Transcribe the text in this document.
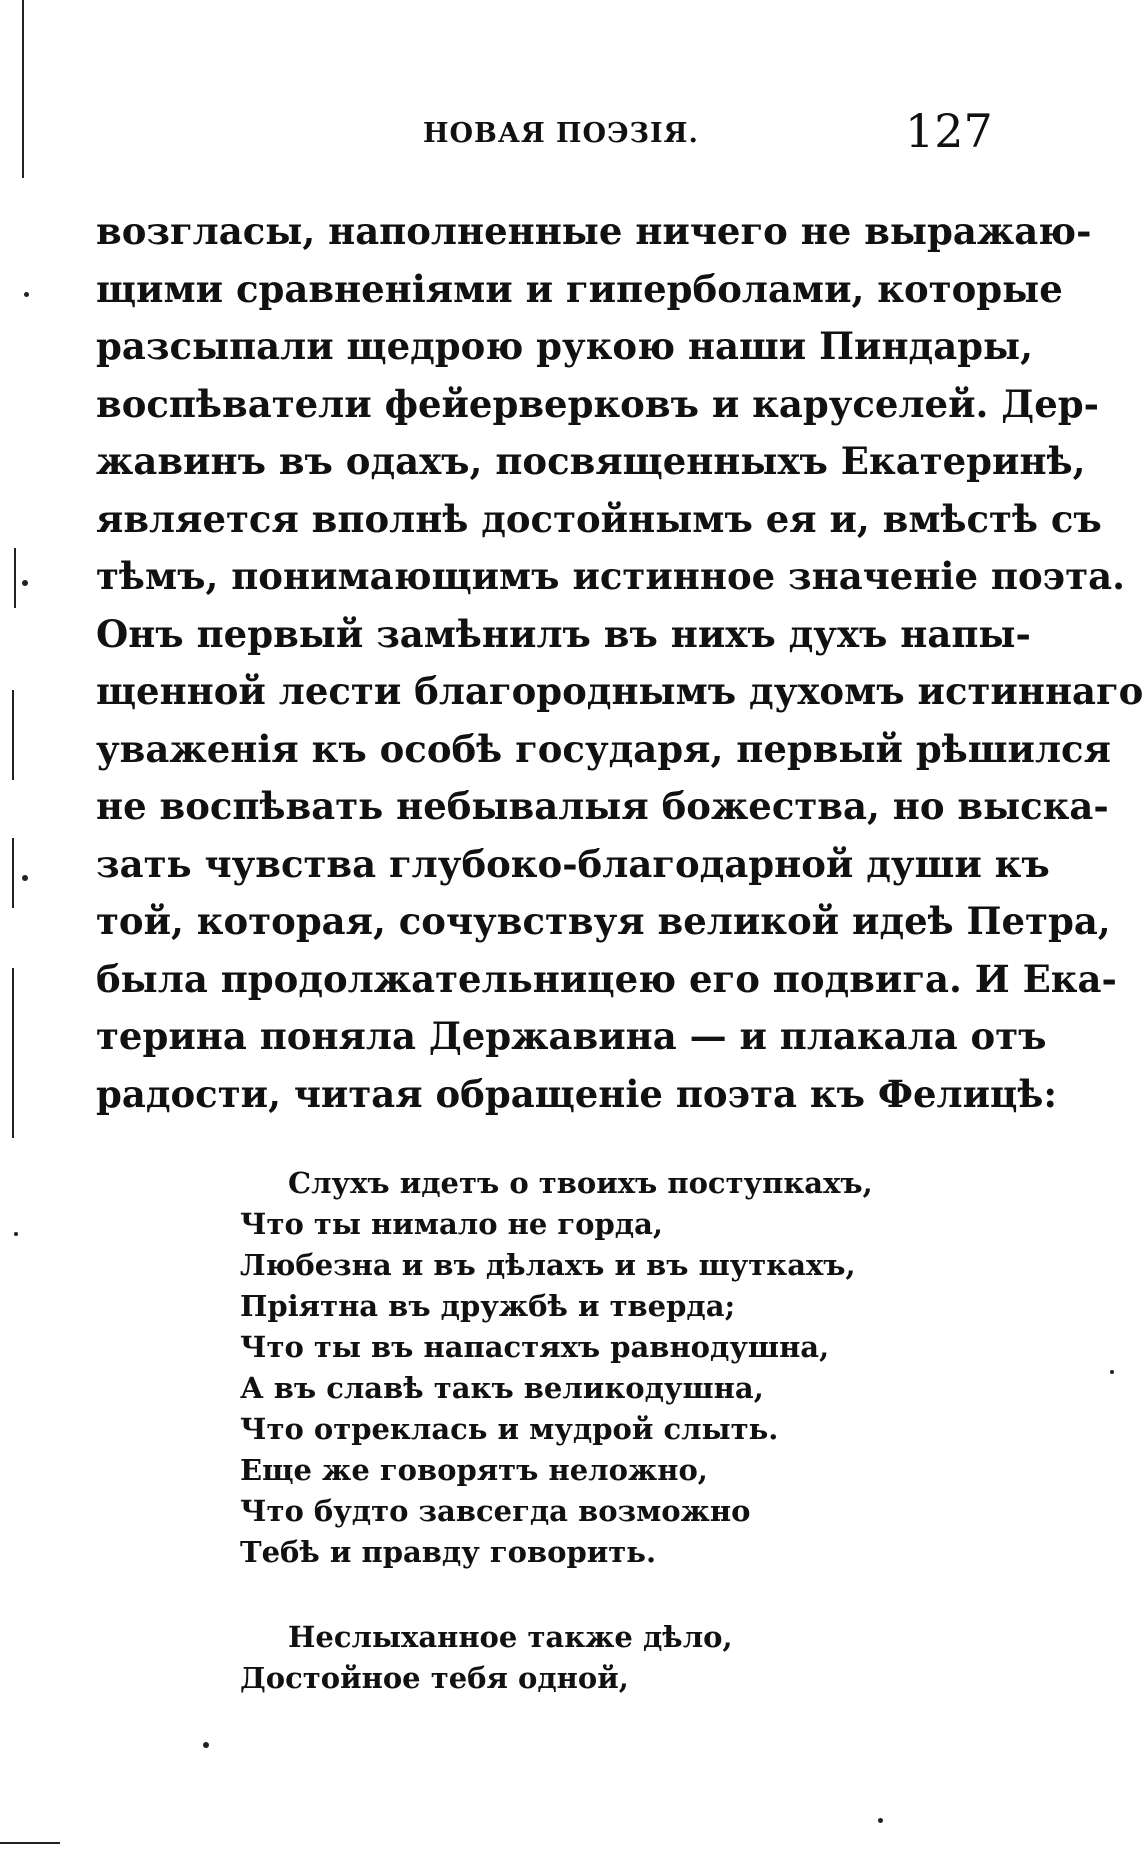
НОВАЯ ПОЭЗІЯ.	127
возгласы, наполненные ничего не выражаю-
щими сравненіями и гиперболами, которые
разсыпали щедрою рукою наши Пиндары,
воспѣватели фейерверковъ и каруселей. Дер-
жавинъ въ одахъ, посвященныхъ Екатеринѣ,
является вполнѣ достойнымъ ея и, вмѣстѣ съ
тѣмъ, понимающимъ истинное значеніе поэта.
Онъ первый замѣнилъ въ нихъ духъ напы-
щенной лести благороднымъ духомъ истиннаго
уваженія къ особѣ государя, первый рѣшился
не воспѣвать небывалыя божества, но выска-
зать чувства глубоко-благодарной души къ
той, которая, сочувствуя великой идеѣ Петра,
была продолжательницею его подвига. И Ека-
терина поняла Державина — и плакала отъ
радости, читая обращеніе поэта къ Фелицѣ:
Слухъ идетъ о твоихъ поступкахъ,
Что ты нимало не горда,
Любезна и въ дѣлахъ и въ шуткахъ,
Пріятна въ дружбѣ и тверда;
Что ты въ напастяхъ равнодушна,
А въ славѣ такъ великодушна,
Что отреклась и мудрой слыть.
Еще же говорятъ неложно,
Что будто завсегда возможно
Тебѣ и правду говорить.
Неслыханное также дѣло,
Достойное тебя одной,
